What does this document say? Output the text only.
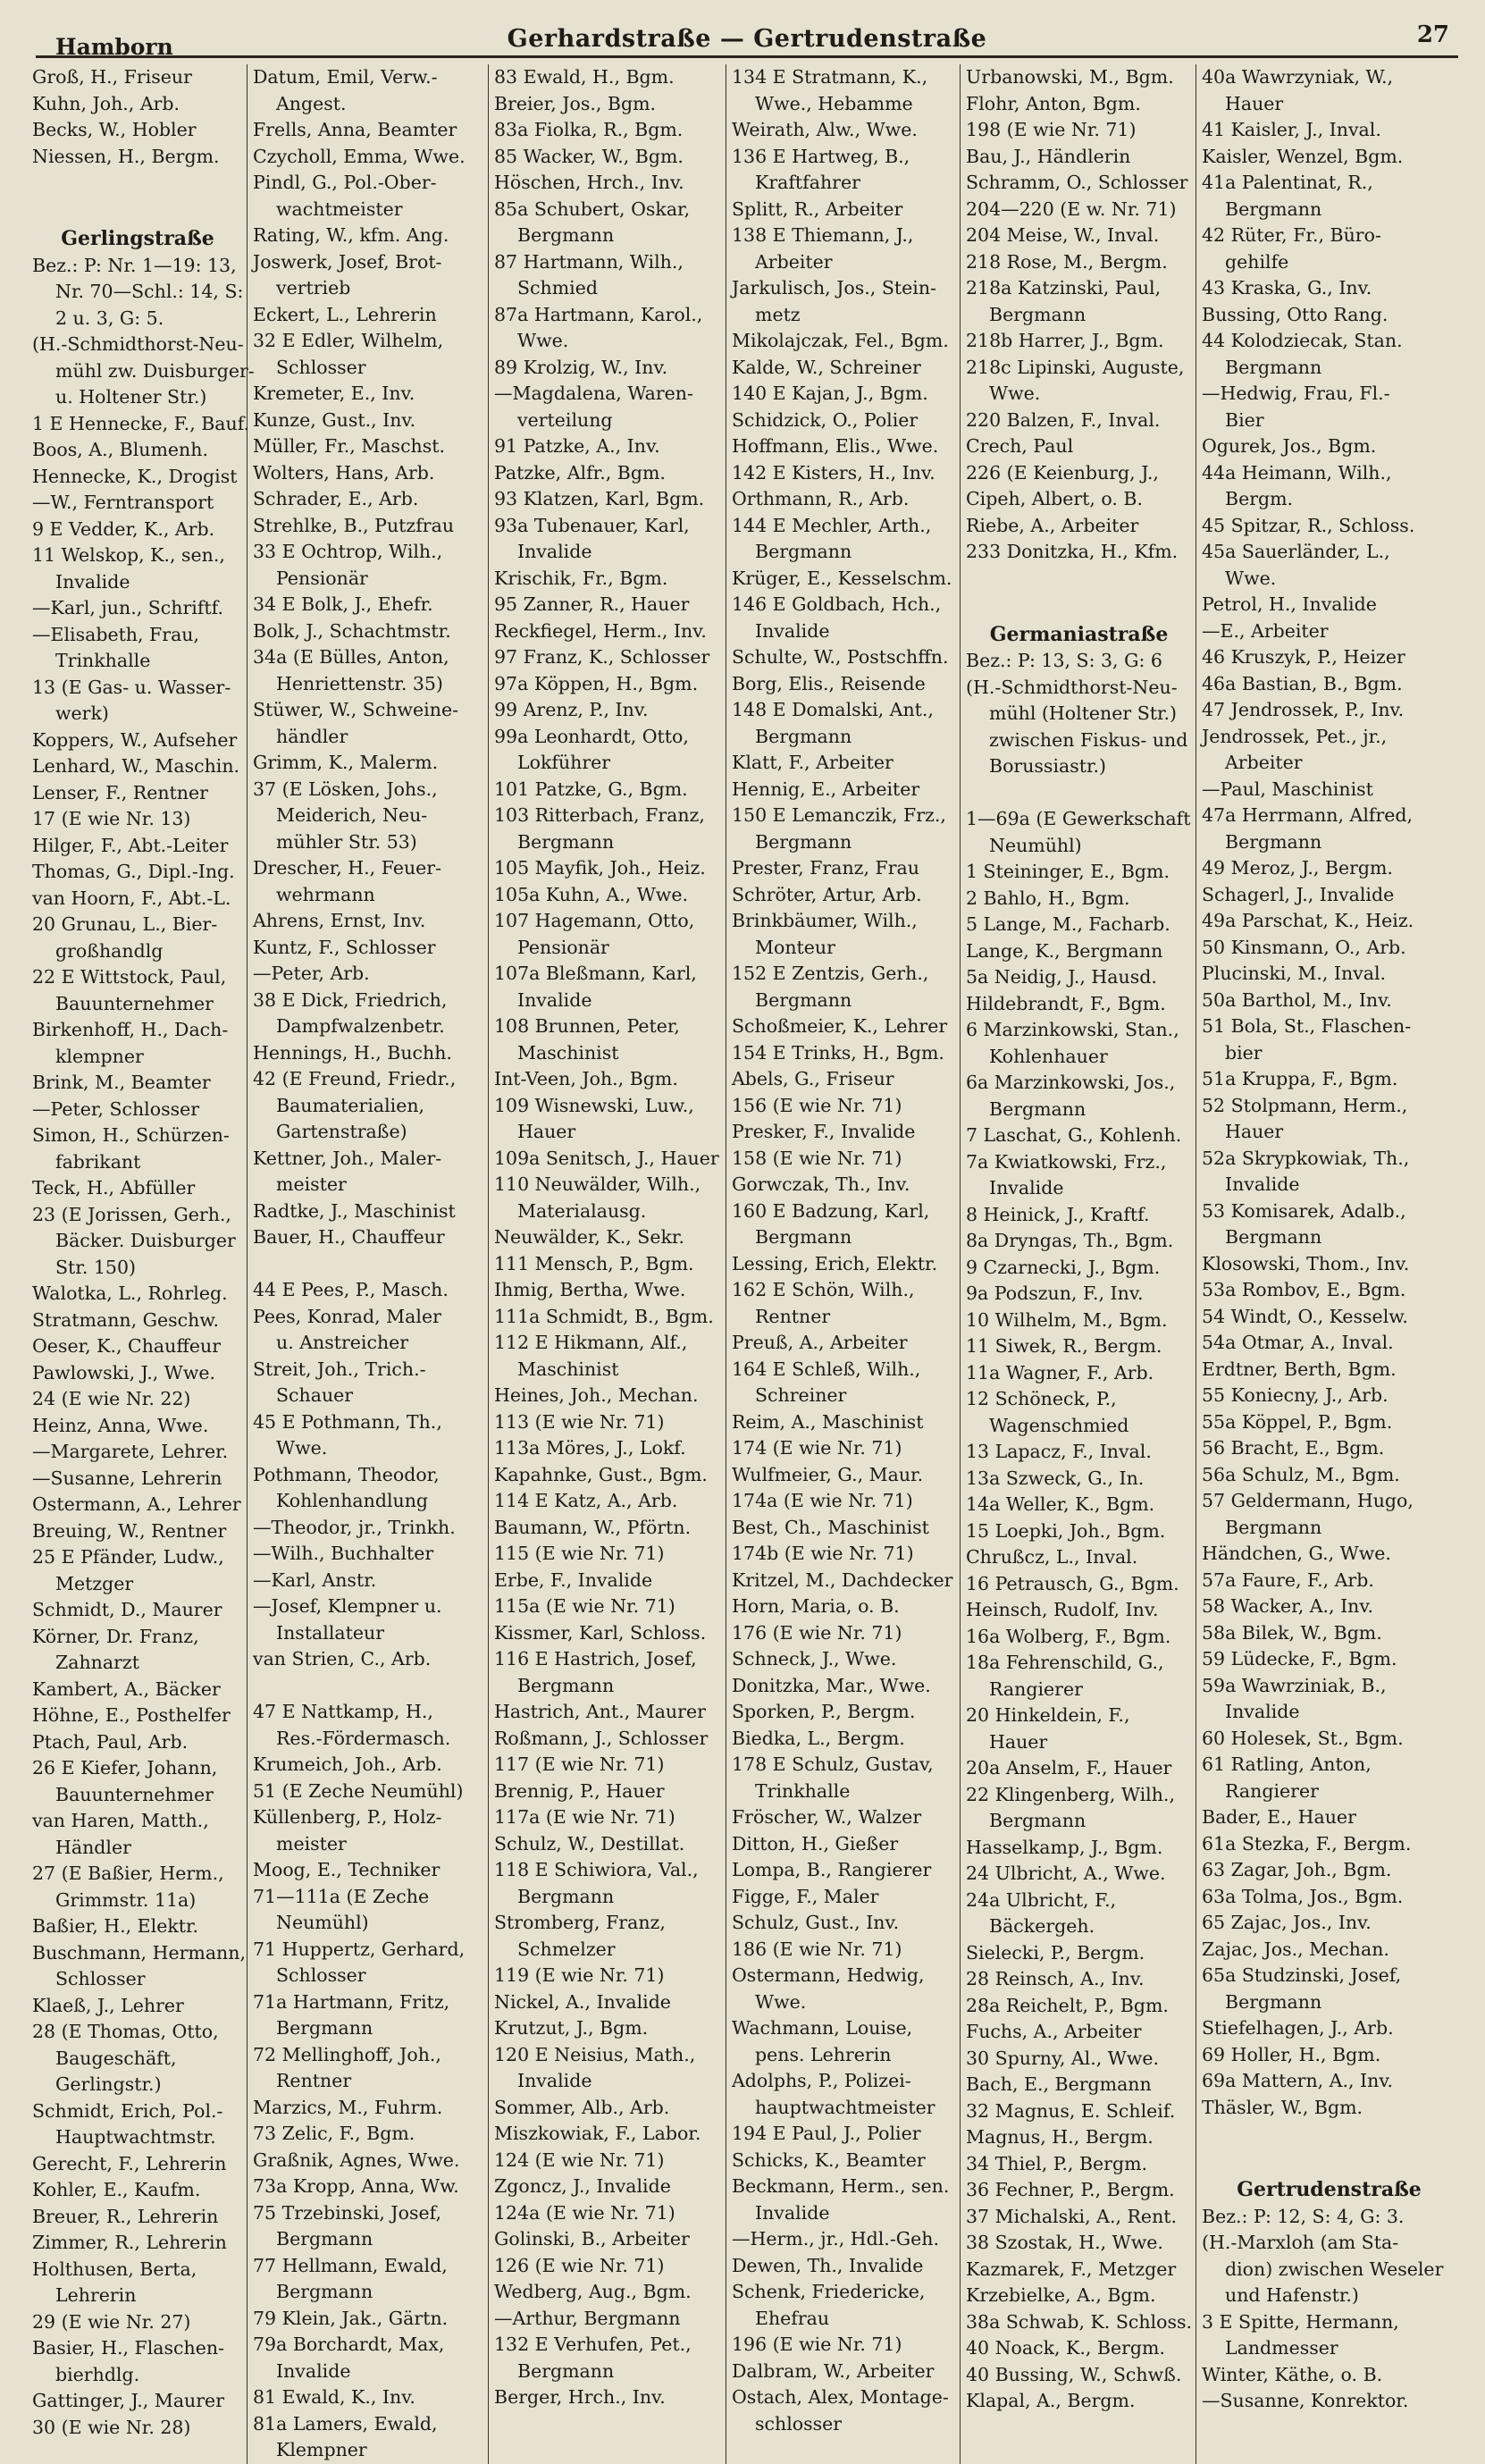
Hamborn	Gerhardstraße — Gertrudenstraße	27
Groß, H., Friseur
Kuhn, Joh., Arb.
Becks, W., Hobler
Niessen, H., Bergm.
Gerlingstraße
Bez.: P: Nr. 1—19: 13,
Nr. 70—Schl.: 14, S:
2 u. 3, G: 5.
(H.-Schmidthorst-Neu-
mühl zw. Duisburger-
u. Holtener Str.)
1 E Hennecke, F., Bauf.
Boos, A., Blumenh.
Hennecke, K., Drogist
—W., Ferntransport
9 E Vedder, K., Arb.
11 Welskop, K., sen.,
Invalide
—Karl, jun., Schriftf.
—Elisabeth, Frau,
Trinkhalle
13 (E Gas- u. Wasser-
werk)
Koppers, W., Aufseher
Lenhard, W., Maschin.
Lenser, F., Rentner
17 (E wie Nr. 13)
Hilger, F., Abt.-Leiter
Thomas, G., Dipl.-Ing.
van Hoorn, F., Abt.-L.
20 Grunau, L., Bier-
großhandlg
22 E Wittstock, Paul,
Bauunternehmer
Birkenhoff, H., Dach-
klempner
Brink, M., Beamter
—Peter, Schlosser
Simon, H., Schürzen-
fabrikant
Teck, H., Abfüller
23 (E Jorissen, Gerh.,
Bäcker. Duisburger
Str. 150)
Walotka, L., Rohrleg.
Stratmann, Geschw.
Oeser, K., Chauffeur
Pawlowski, J., Wwe.
24 (E wie Nr. 22)
Heinz, Anna, Wwe.
—Margarete, Lehrer.
—Susanne, Lehrerin
Ostermann, A., Lehrer
Breuing, W., Rentner
25 E Pfänder, Ludw.,
Metzger
Schmidt, D., Maurer
Körner, Dr. Franz,
Zahnarzt
Kambert, A., Bäcker
Höhne, E., Posthelfer
Ptach, Paul, Arb.
26 E Kiefer, Johann,
Bauunternehmer
van Haren, Matth.,
Händler
27 (E Baßier, Herm.,
Grimmstr. 11a)
Baßier, H., Elektr.
Buschmann, Hermann,
Schlosser
Klaeß, J., Lehrer
28 (E Thomas, Otto,
Baugeschäft,
Gerlingstr.)
Schmidt, Erich, Pol.-
Hauptwachtmstr.
Gerecht, F., Lehrerin
Kohler, E., Kaufm.
Breuer, R., Lehrerin
Zimmer, R., Lehrerin
Holthusen, Berta,
Lehrerin
29 (E wie Nr. 27)
Basier, H., Flaschen-
bierhdlg.
Gattinger, J., Maurer
30 (E wie Nr. 28)
Datum, Emil, Verw.-
Angest.
Frells, Anna, Beamter
Czycholl, Emma, Wwe.
Pindl, G., Pol.-Ober-
wachtmeister
Rating, W., kfm. Ang.
Joswerk, Josef, Brot-
vertrieb
Eckert, L., Lehrerin
32 E Edler, Wilhelm,
Schlosser
Kremeter, E., Inv.
Kunze, Gust., Inv.
Müller, Fr., Maschst.
Wolters, Hans, Arb.
Schrader, E., Arb.
Strehlke, B., Putzfrau
33 E Ochtrop, Wilh.,
Pensionär
34 E Bolk, J., Ehefr.
Bolk, J., Schachtmstr.
34a (E Bülles, Anton,
Henriettenstr. 35)
Stüwer, W., Schweine-
händler
Grimm, K., Malerm.
37 (E Lösken, Johs.,
Meiderich, Neu-
mühler Str. 53)
Drescher, H., Feuer-
wehrmann
Ahrens, Ernst, Inv.
Kuntz, F., Schlosser
—Peter, Arb.
38 E Dick, Friedrich,
Dampfwalzenbetr.
Hennings, H., Buchh.
42 (E Freund, Friedr.,
Baumaterialien,
Gartenstraße)
Kettner, Joh., Maler-
meister
Radtke, J., Maschinist
Bauer, H., Chauffeur
44 E Pees, P., Masch.
Pees, Konrad, Maler
u. Anstreicher
Streit, Joh., Trich.-
Schauer
45 E Pothmann, Th.,
Wwe.
Pothmann, Theodor,
Kohlenhandlung
—Theodor, jr., Trinkh.
—Wilh., Buchhalter
—Karl, Anstr.
—Josef, Klempner u.
Installateur
van Strien, C., Arb.
47 E Nattkamp, H.,
Res.-Fördermasch.
Krumeich, Joh., Arb.
51 (E Zeche Neumühl)
Küllenberg, P., Holz-
meister
Moog, E., Techniker
71—111a (E Zeche
Neumühl)
71 Huppertz, Gerhard,
Schlosser
71a Hartmann, Fritz,
Bergmann
72 Mellinghoff, Joh.,
Rentner
Marzics, M., Fuhrm.
73 Zelic, F., Bgm.
Graßnik, Agnes, Wwe.
73a Kropp, Anna, Ww.
75 Trzebinski, Josef,
Bergmann
77 Hellmann, Ewald,
Bergmann
79 Klein, Jak., Gärtn.
79a Borchardt, Max,
Invalide
81 Ewald, K., Inv.
81a Lamers, Ewald,
Klempner
83 Ewald, H., Bgm.
Breier, Jos., Bgm.
83a Fiolka, R., Bgm.
85 Wacker, W., Bgm.
Höschen, Hrch., Inv.
85a Schubert, Oskar,
Bergmann
87 Hartmann, Wilh.,
Schmied
87a Hartmann, Karol.,
Wwe.
89 Krolzig, W., Inv.
—Magdalena, Waren-
verteilung
91 Patzke, A., Inv.
Patzke, Alfr., Bgm.
93 Klatzen, Karl, Bgm.
93a Tubenauer, Karl,
Invalide
Krischik, Fr., Bgm.
95 Zanner, R., Hauer
Reckfiegel, Herm., Inv.
97 Franz, K., Schlosser
97a Köppen, H., Bgm.
99 Arenz, P., Inv.
99a Leonhardt, Otto,
Lokführer
101 Patzke, G., Bgm.
103 Ritterbach, Franz,
Bergmann
105 Mayfik, Joh., Heiz.
105a Kuhn, A., Wwe.
107 Hagemann, Otto,
Pensionär
107a Bleßmann, Karl,
Invalide
108 Brunnen, Peter,
Maschinist
Int-Veen, Joh., Bgm.
109 Wisnewski, Luw.,
Hauer
109a Senitsch, J., Hauer
110 Neuwälder, Wilh.,
Materialausg.
Neuwälder, K., Sekr.
111 Mensch, P., Bgm.
Ihmig, Bertha, Wwe.
111a Schmidt, B., Bgm.
112 E Hikmann, Alf.,
Maschinist
Heines, Joh., Mechan.
113 (E wie Nr. 71)
113a Möres, J., Lokf.
Kapahnke, Gust., Bgm.
114 E Katz, A., Arb.
Baumann, W., Pförtn.
115 (E wie Nr. 71)
Erbe, F., Invalide
115a (E wie Nr. 71)
Kissmer, Karl, Schloss.
116 E Hastrich, Josef,
Bergmann
Hastrich, Ant., Maurer
Roßmann, J., Schlosser
117 (E wie Nr. 71)
Brennig, P., Hauer
117a (E wie Nr. 71)
Schulz, W., Destillat.
118 E Schiwiora, Val.,
Bergmann
Stromberg, Franz,
Schmelzer
119 (E wie Nr. 71)
Nickel, A., Invalide
Krutzut, J., Bgm.
120 E Neisius, Math.,
Invalide
Sommer, Alb., Arb.
Miszkowiak, F., Labor.
124 (E wie Nr. 71)
Zgoncz, J., Invalide
124a (E wie Nr. 71)
Golinski, B., Arbeiter
126 (E wie Nr. 71)
Wedberg, Aug., Bgm.
—Arthur, Bergmann
132 E Verhufen, Pet.,
Bergmann
Berger, Hrch., Inv.
134 E Stratmann, K.,
Wwe., Hebamme
Weirath, Alw., Wwe.
136 E Hartweg, B.,
Kraftfahrer
Splitt, R., Arbeiter
138 E Thiemann, J.,
Arbeiter
Jarkulisch, Jos., Stein-
metz
Mikolajczak, Fel., Bgm.
Kalde, W., Schreiner
140 E Kajan, J., Bgm.
Schidzick, O., Polier
Hoffmann, Elis., Wwe.
142 E Kisters, H., Inv.
Orthmann, R., Arb.
144 E Mechler, Arth.,
Bergmann
Krüger, E., Kesselschm.
146 E Goldbach, Hch.,
Invalide
Schulte, W., Postschffn.
Borg, Elis., Reisende
148 E Domalski, Ant.,
Bergmann
Klatt, F., Arbeiter
Hennig, E., Arbeiter
150 E Lemanczik, Frz.,
Bergmann
Prester, Franz, Frau
Schröter, Artur, Arb.
Brinkbäumer, Wilh.,
Monteur
152 E Zentzis, Gerh.,
Bergmann
Schoßmeier, K., Lehrer
154 E Trinks, H., Bgm.
Abels, G., Friseur
156 (E wie Nr. 71)
Presker, F., Invalide
158 (E wie Nr. 71)
Gorwczak, Th., Inv.
160 E Badzung, Karl,
Bergmann
Lessing, Erich, Elektr.
162 E Schön, Wilh.,
Rentner
Preuß, A., Arbeiter
164 E Schleß, Wilh.,
Schreiner
Reim, A., Maschinist
174 (E wie Nr. 71)
Wulfmeier, G., Maur.
174a (E wie Nr. 71)
Best, Ch., Maschinist
174b (E wie Nr. 71)
Kritzel, M., Dachdecker
Horn, Maria, o. B.
176 (E wie Nr. 71)
Schneck, J., Wwe.
Donitzka, Mar., Wwe.
Sporken, P., Bergm.
Biedka, L., Bergm.
178 E Schulz, Gustav,
Trinkhalle
Fröscher, W., Walzer
Ditton, H., Gießer
Lompa, B., Rangierer
Figge, F., Maler
Schulz, Gust., Inv.
186 (E wie Nr. 71)
Ostermann, Hedwig,
Wwe.
Wachmann, Louise,
pens. Lehrerin
Adolphs, P., Polizei-
hauptwachtmeister
194 E Paul, J., Polier
Schicks, K., Beamter
Beckmann, Herm., sen.
Invalide
—Herm., jr., Hdl.-Geh.
Dewen, Th., Invalide
Schenk, Friedericke,
Ehefrau
196 (E wie Nr. 71)
Dalbram, W., Arbeiter
Ostach, Alex, Montage-
schlosser
Urbanowski, M., Bgm.
Flohr, Anton, Bgm.
198 (E wie Nr. 71)
Bau, J., Händlerin
Schramm, O., Schlosser
204—220 (E w. Nr. 71)
204 Meise, W., Inval.
218 Rose, M., Bergm.
218a Katzinski, Paul,
Bergmann
218b Harrer, J., Bgm.
218c Lipinski, Auguste,
Wwe.
220 Balzen, F., Inval.
Crech, Paul
226 (E Keienburg, J.,
Cipeh, Albert, o. B.
Riebe, A., Arbeiter
233 Donitzka, H., Kfm.
Germaniastraße
Bez.: P: 13, S: 3, G: 6
(H.-Schmidthorst-Neu-
mühl (Holtener Str.)
zwischen Fiskus- und
Borussiastr.)
1—69a (E Gewerkschaft
Neumühl)
1 Steininger, E., Bgm.
2 Bahlo, H., Bgm.
5 Lange, M., Facharb.
Lange, K., Bergmann
5a Neidig, J., Hausd.
Hildebrandt, F., Bgm.
6 Marzinkowski, Stan.,
Kohlenhauer
6a Marzinkowski, Jos.,
Bergmann
7 Laschat, G., Kohlenh.
7a Kwiatkowski, Frz.,
Invalide
8 Heinick, J., Kraftf.
8a Dryngas, Th., Bgm.
9 Czarnecki, J., Bgm.
9a Podszun, F., Inv.
10 Wilhelm, M., Bgm.
11 Siwek, R., Bergm.
11a Wagner, F., Arb.
12 Schöneck, P.,
Wagenschmied
13 Lapacz, F., Inval.
13a Szweck, G., In.
14a Weller, K., Bgm.
15 Loepki, Joh., Bgm.
Chrußcz, L., Inval.
16 Petrausch, G., Bgm.
Heinsch, Rudolf, Inv.
16a Wolberg, F., Bgm.
18a Fehrenschild, G.,
Rangierer
20 Hinkeldein, F.,
Hauer
20a Anselm, F., Hauer
22 Klingenberg, Wilh.,
Bergmann
Hasselkamp, J., Bgm.
24 Ulbricht, A., Wwe.
24a Ulbricht, F.,
Bäckergeh.
Sielecki, P., Bergm.
28 Reinsch, A., Inv.
28a Reichelt, P., Bgm.
Fuchs, A., Arbeiter
30 Spurny, Al., Wwe.
Bach, E., Bergmann
32 Magnus, E. Schleif.
Magnus, H., Bergm.
34 Thiel, P., Bergm.
36 Fechner, P., Bergm.
37 Michalski, A., Rent.
38 Szostak, H., Wwe.
Kazmarek, F., Metzger
Krzebielke, A., Bgm.
38a Schwab, K. Schloss.
40 Noack, K., Bergm.
40 Bussing, W., Schwß.
Klapal, A., Bergm.
40a Wawrzyniak, W.,
Hauer
41 Kaisler, J., Inval.
Kaisler, Wenzel, Bgm.
41a Palentinat, R.,
Bergmann
42 Rüter, Fr., Büro-
gehilfe
43 Kraska, G., Inv.
Bussing, Otto Rang.
44 Kolodziecak, Stan.
Bergmann
—Hedwig, Frau, Fl.-
Bier
Ogurek, Jos., Bgm.
44a Heimann, Wilh.,
Bergm.
45 Spitzar, R., Schloss.
45a Sauerländer, L.,
Wwe.
Petrol, H., Invalide
—E., Arbeiter
46 Kruszyk, P., Heizer
46a Bastian, B., Bgm.
47 Jendrossek, P., Inv.
Jendrossek, Pet., jr.,
Arbeiter
—Paul, Maschinist
47a Herrmann, Alfred,
Bergmann
49 Meroz, J., Bergm.
Schagerl, J., Invalide
49a Parschat, K., Heiz.
50 Kinsmann, O., Arb.
Plucinski, M., Inval.
50a Barthol, M., Inv.
51 Bola, St., Flaschen-
bier
51a Kruppa, F., Bgm.
52 Stolpmann, Herm.,
Hauer
52a Skrypkowiak, Th.,
Invalide
53 Komisarek, Adalb.,
Bergmann
Klosowski, Thom., Inv.
53a Rombov, E., Bgm.
54 Windt, O., Kesselw.
54a Otmar, A., Inval.
Erdtner, Berth, Bgm.
55 Koniecny, J., Arb.
55a Köppel, P., Bgm.
56 Bracht, E., Bgm.
56a Schulz, M., Bgm.
57 Geldermann, Hugo,
Bergmann
Händchen, G., Wwe.
57a Faure, F., Arb.
58 Wacker, A., Inv.
58a Bilek, W., Bgm.
59 Lüdecke, F., Bgm.
59a Wawrziniak, B.,
Invalide
60 Holesek, St., Bgm.
61 Ratling, Anton,
Rangierer
Bader, E., Hauer
61a Stezka, F., Bergm.
63 Zagar, Joh., Bgm.
63a Tolma, Jos., Bgm.
65 Zajac, Jos., Inv.
Zajac, Jos., Mechan.
65a Studzinski, Josef,
Bergmann
Stiefelhagen, J., Arb.
69 Holler, H., Bgm.
69a Mattern, A., Inv.
Thäsler, W., Bgm.
Gertrudenstraße
Bez.: P: 12, S: 4, G: 3.
(H.-Marxloh (am Sta-
dion) zwischen Weseler
und Hafenstr.)
3 E Spitte, Hermann,
Landmesser
Winter, Käthe, o. B.
—Susanne, Konrektor.
